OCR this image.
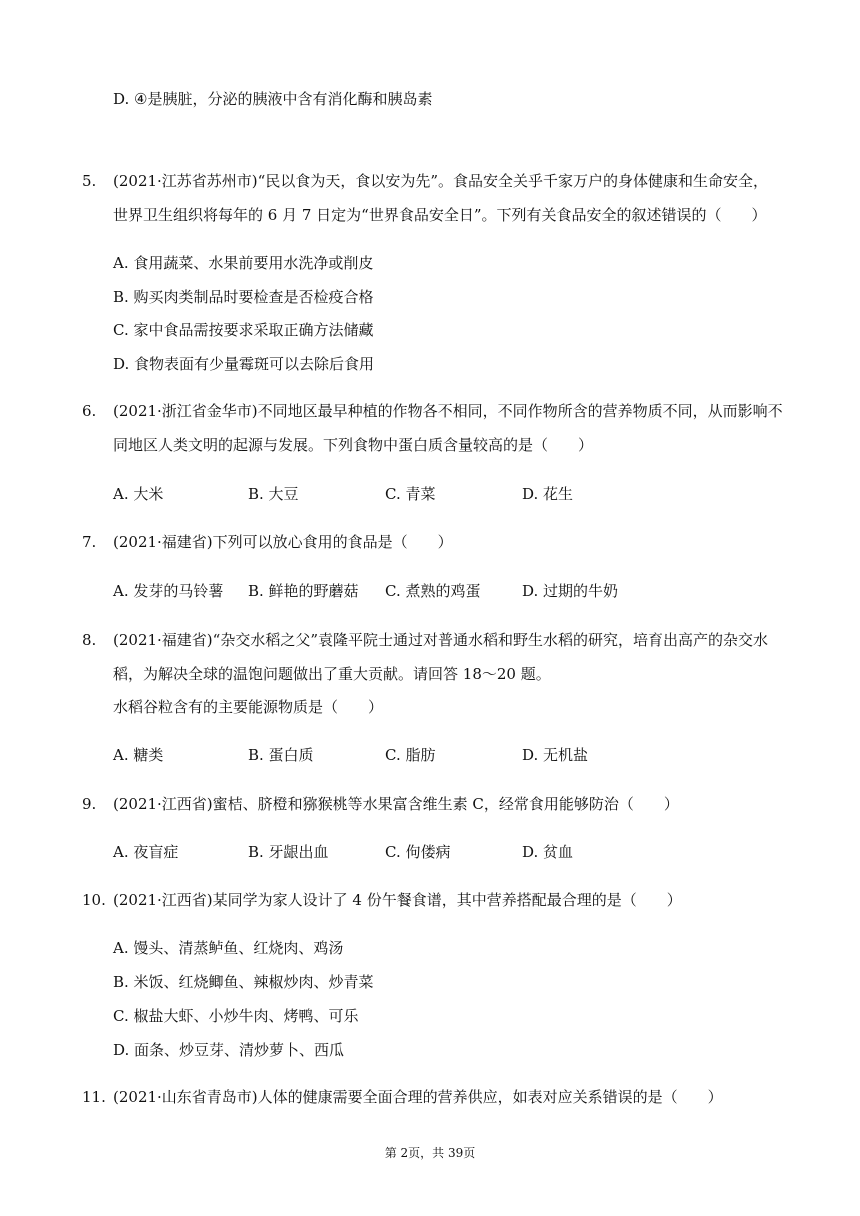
D. ④是胰脏，分泌的胰液中含有消化酶和胰岛素
5. (2021·江苏省苏州市)“民以食为天，食以安为先”。食品安全关乎千家万户的身体健康和生命安全，
世界卫生组织将每年的 6 月 7 日定为“世界食品安全日”。下列有关食品安全的叙述错误的（　　）
A. 食用蔬菜、水果前要用水洗净或削皮
B. 购买肉类制品时要检查是否检疫合格
C. 家中食品需按要求采取正确方法储藏
D. 食物表面有少量霉斑可以去除后食用
6. (2021·浙江省金华市)不同地区最早种植的作物各不相同，不同作物所含的营养物质不同，从而影响不
同地区人类文明的起源与发展。下列食物中蛋白质含量较高的是（　　）
A. 大米	B. 大豆	C. 青菜	D. 花生
7. (2021·福建省)下列可以放心食用的食品是（　　）
A. 发芽的马铃薯 B. 鲜艳的野蘑菇 C. 煮熟的鸡蛋	D. 过期的牛奶
8. (2021·福建省)“杂交水稻之父”袁隆平院士通过对普通水稻和野生水稻的研究，培育出高产的杂交水
稻，为解决全球的温饱问题做出了重大贡献。请回答 18～20 题。
水稻谷粒含有的主要能源物质是（　　）
A. 糖类	B. 蛋白质	C. 脂肪	D. 无机盐
9. (2021·江西省)蜜桔、脐橙和猕猴桃等水果富含维生素 C，经常食用能够防治（　　）
A. 夜盲症	B. 牙龈出血	C. 佝偻病	D. 贫血
10. (2021·江西省)某同学为家人设计了 4 份午餐食谱，其中营养搭配最合理的是（　　）
A. 馒头、清蒸鲈鱼、红烧肉、鸡汤
B. 米饭、红烧鲫鱼、辣椒炒肉、炒青菜
C. 椒盐大虾、小炒牛肉、烤鸭、可乐
D. 面条、炒豆芽、清炒萝卜、西瓜
11. (2021·山东省青岛市)人体的健康需要全面合理的营养供应，如表对应关系错误的是（　　）
第 2页，共 39页
